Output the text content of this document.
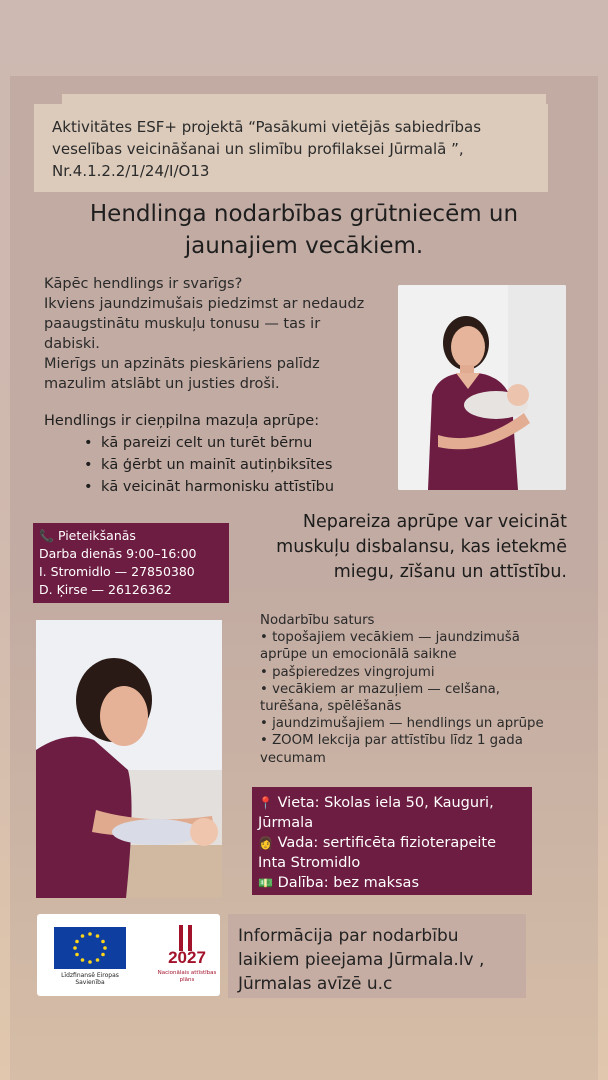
Aktivitātes ESF+ projektā “Pasākumi vietējās sabiedrības veselības veicināšanai un slimību profilaksei Jūrmalā ”, Nr.4.1.2.2/1/24/I/O13
Hendlinga nodarbības grūtniecēm un jaunajiem vecākiem.

Kāpēc hendlings ir svarīgs?

Ikviens jaundzimušais piedzimst ar nedaudz paaugstinātu muskuļu tonusu — tas ir dabiski.

Mierīgs un apzināts pieskāriens palīdz mazulim atslābt un justies droši.

Hendlings ir cieņpilna mazuļa aprūpe:
• kā pareizi celt un turēt bērnu
• kā ģērbt un mainīt autiņbiksītes
• kā veicināt harmonisku attīstību
📞 Pieteikšanās
Darba dienās 9:00–16:00
I. Stromidlo — 27850380
D. Ķirse — 26126362
Nepareiza aprūpe var veicināt muskuļu disbalansu, kas ietekmē miegu, zīšanu un attīstību.
Nodarbību saturs
• topošajiem vecākiem — jaundzimušā aprūpe un emocionālā saikne
• pašpieredzes vingrojumi
• vecākiem ar mazuļiem — celšana, turēšana, spēlēšanās
• jaundzimušajiem — hendlings un aprūpe
• ZOOM lekcija par attīstību līdz 1 gada vecumam
📍 Vieta: Skolas iela 50, Kauguri, Jūrmala
👩 Vada: sertificēta fizioterapeite Inta Stromidlo
💵 Dalība: bez maksas
Līdzfinansē Eiropas Savienība
2027
Nacionālais attīstības plāns
Informācija par nodarbību laikiem pieejama Jūrmala.lv , Jūrmalas avīzē u.c
